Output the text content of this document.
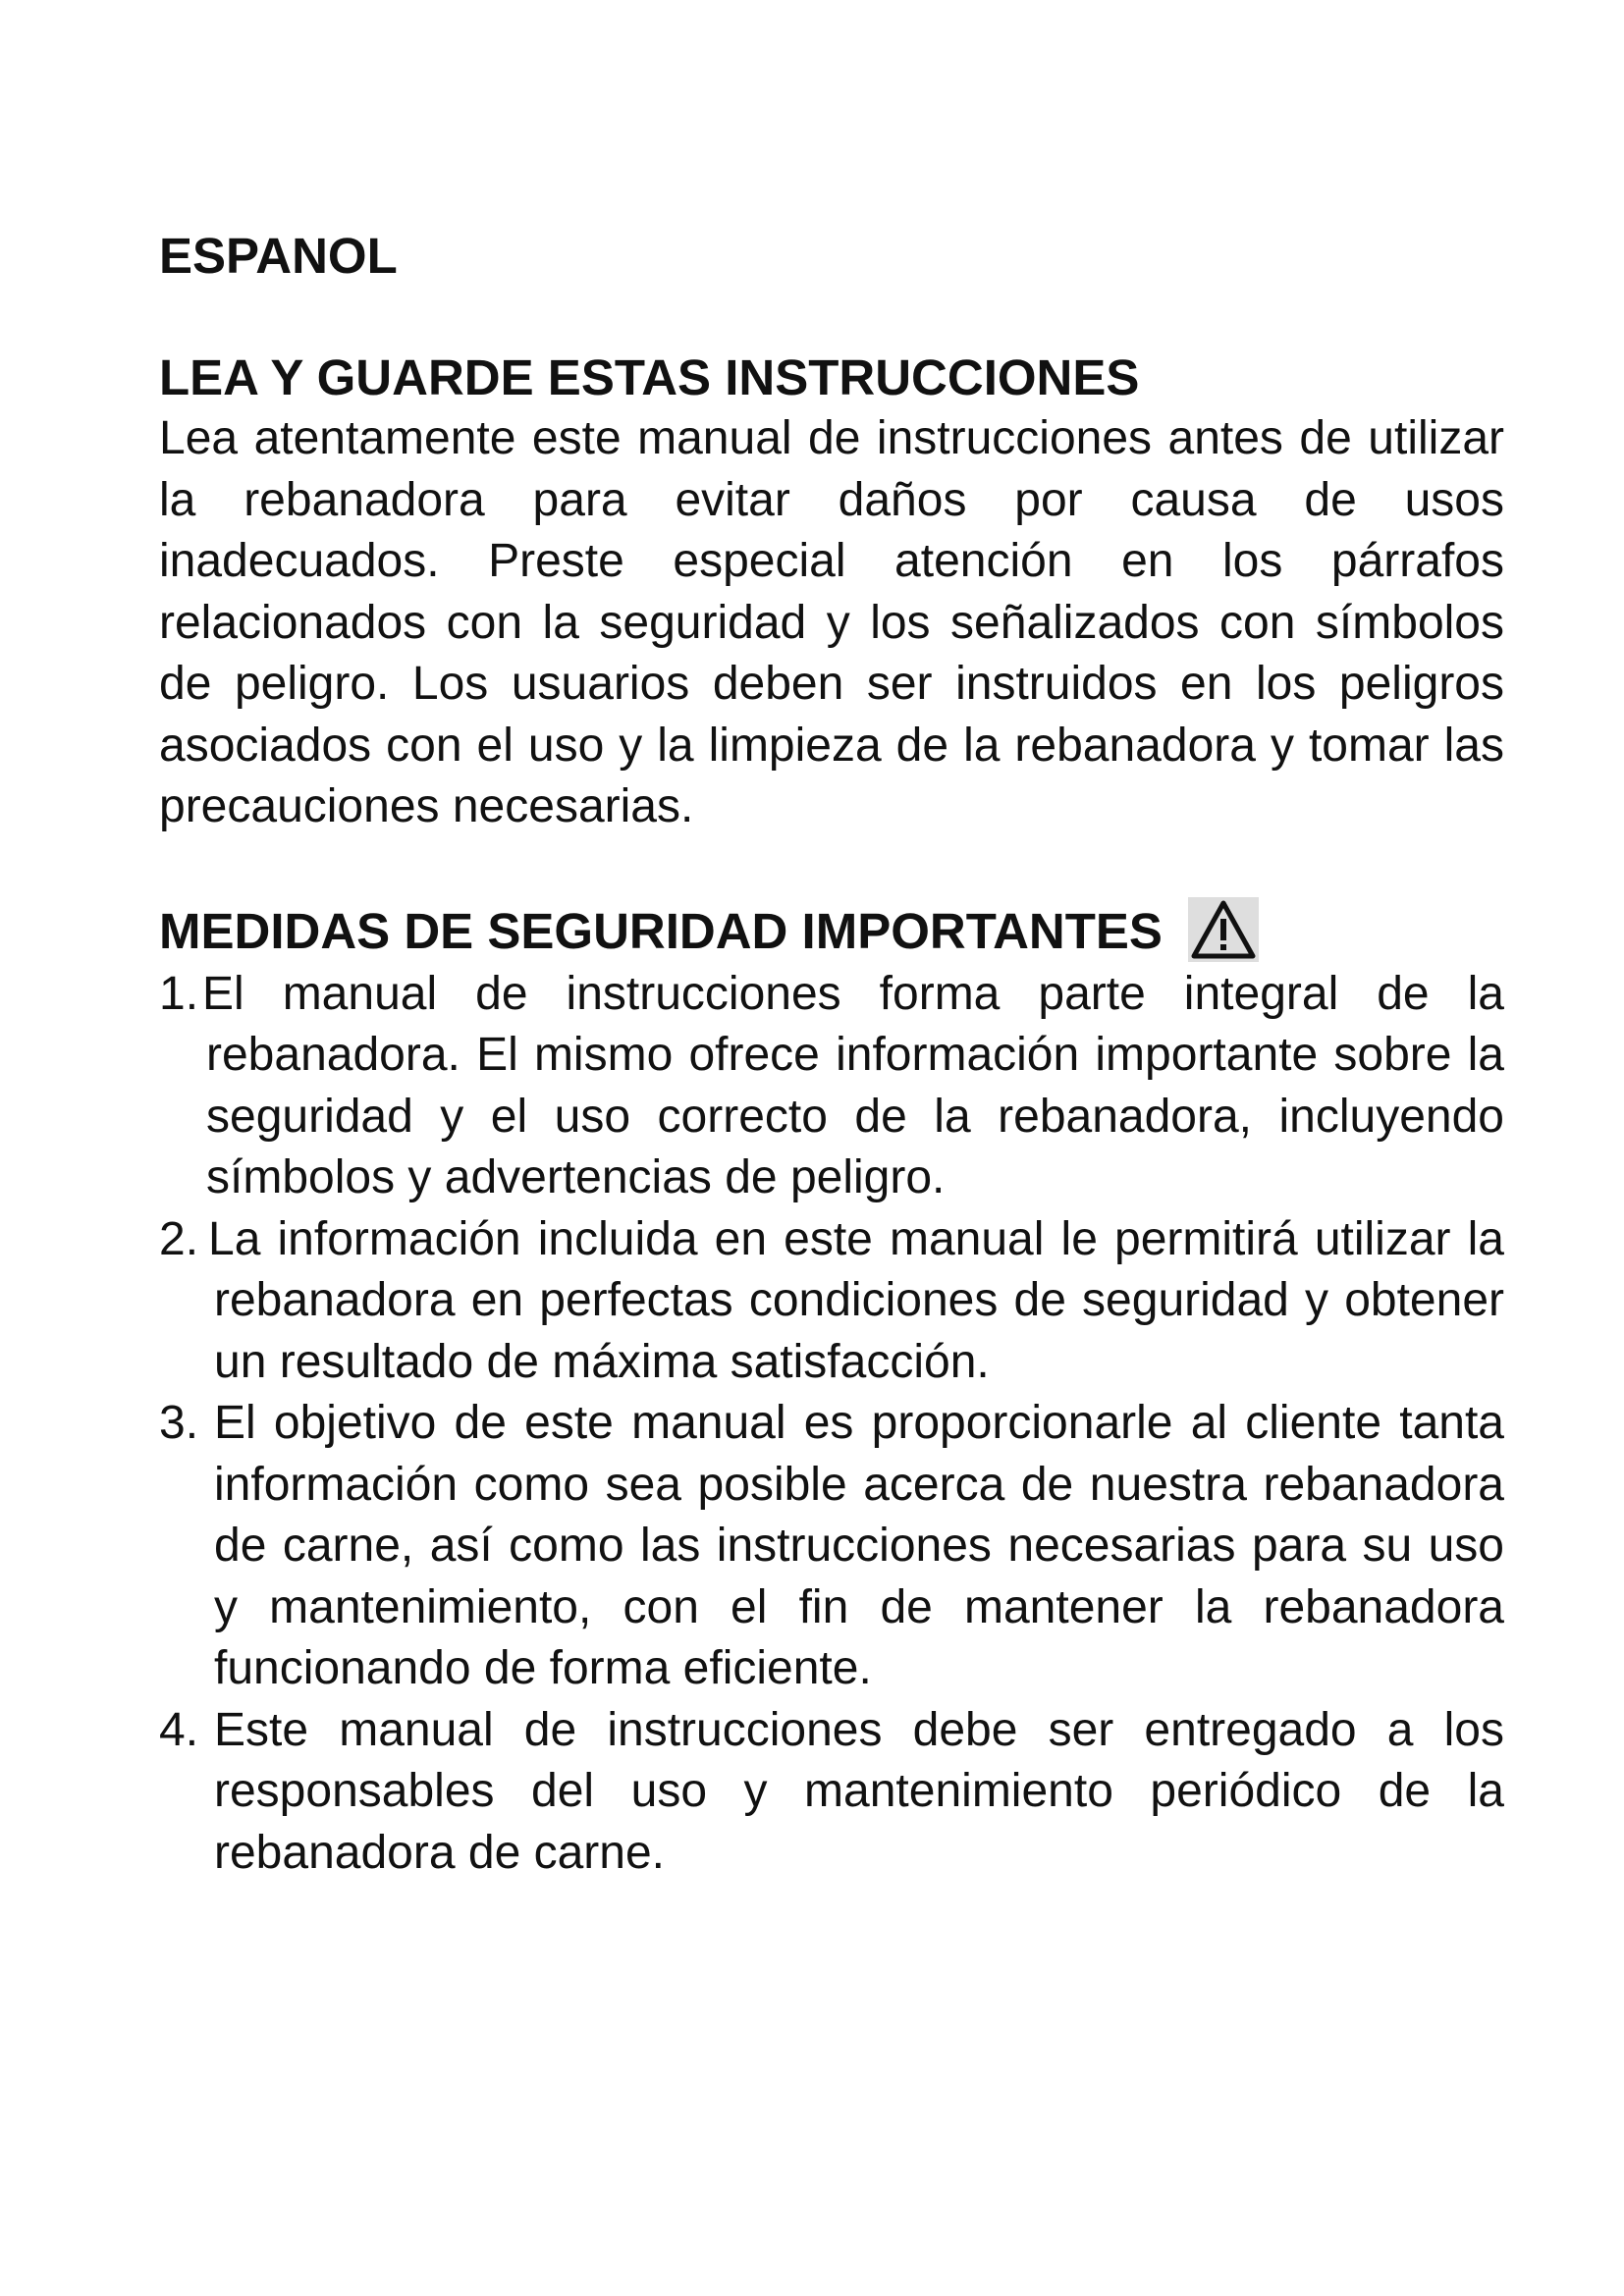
ESPANOL
LEA Y GUARDE ESTAS INSTRUCCIONES

Lea atentamente este manual de instrucciones antes de utilizar la rebanadora para evitar daños por causa de usos inadecuados. Preste especial atención en los párrafos relacionados con la seguridad y los señalizados con símbolos de peligro. Los usuarios deben ser instruidos en los peligros asociados con el uso y la limpieza de la rebanadora y tomar las precauciones necesarias.

MEDIDAS DE SEGURIDAD IMPORTANTES
1.El manual de instrucciones forma parte integral de la rebanadora. El mismo ofrece información importante sobre la seguridad y el uso correcto de la rebanadora, incluyendo símbolos y advertencias de peligro.
2. La información incluida en este manual le permitirá utilizar la rebanadora en perfectas condiciones de seguridad y obtener un resultado de máxima satisfacción.
3. El objetivo de este manual es proporcionarle al cliente tanta información como sea posible acerca de nuestra rebanadora de carne, así como las instrucciones necesarias para su uso y mantenimiento, con el fin de mantener la rebanadora funcionando de forma eficiente.
4. Este manual de instrucciones debe ser entregado a los responsables del uso y mantenimiento periódico de la rebanadora de carne.
